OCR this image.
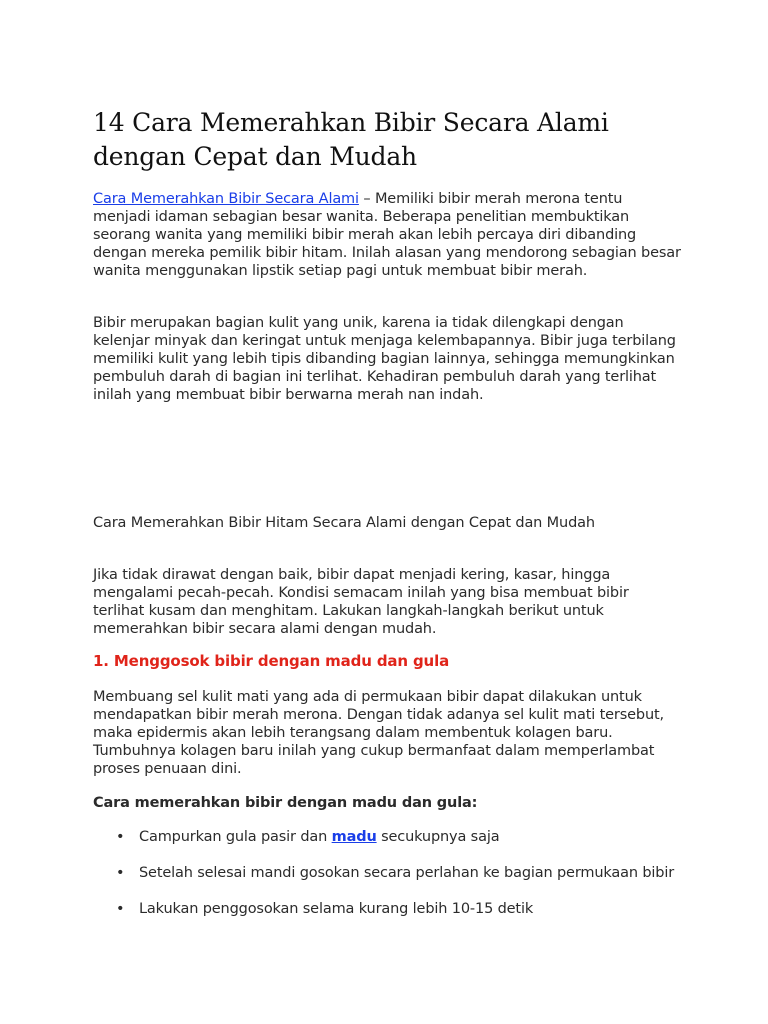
14 Cara Memerahkan Bibir Secara Alami dengan Cepat dan Mudah

Cara Memerahkan Bibir Secara Alami – Memiliki bibir merah merona tentu menjadi idaman sebagian besar wanita. Beberapa penelitian membuktikan seorang wanita yang memiliki bibir merah akan lebih percaya diri dibanding dengan mereka pemilik bibir hitam. Inilah alasan yang mendorong sebagian besar wanita menggunakan lipstik setiap pagi untuk membuat bibir merah.

Bibir merupakan bagian kulit yang unik, karena ia tidak dilengkapi dengan kelenjar minyak dan keringat untuk menjaga kelembapannya. Bibir juga terbilang memiliki kulit yang lebih tipis dibanding bagian lainnya, sehingga memungkinkan pembuluh darah di bagian ini terlihat. Kehadiran pembuluh darah yang terlihat inilah yang membuat bibir berwarna merah nan indah.

Cara Memerahkan Bibir Hitam Secara Alami dengan Cepat dan Mudah

Jika tidak dirawat dengan baik, bibir dapat menjadi kering, kasar, hingga mengalami pecah-pecah. Kondisi semacam inilah yang bisa membuat bibir terlihat kusam dan menghitam. Lakukan langkah-langkah berikut untuk memerahkan bibir secara alami dengan mudah.

1. Menggosok bibir dengan madu dan gula

Membuang sel kulit mati yang ada di permukaan bibir dapat dilakukan untuk mendapatkan bibir merah merona. Dengan tidak adanya sel kulit mati tersebut, maka epidermis akan lebih terangsang dalam membentuk kolagen baru. Tumbuhnya kolagen baru inilah yang cukup bermanfaat dalam memperlambat proses penuaan dini.

Cara memerahkan bibir dengan madu dan gula:

• Campurkan gula pasir dan madu secukupnya saja
• Setelah selesai mandi gosokan secara perlahan ke bagian permukaan bibir
• Lakukan penggosokan selama kurang lebih 10-15 detik
